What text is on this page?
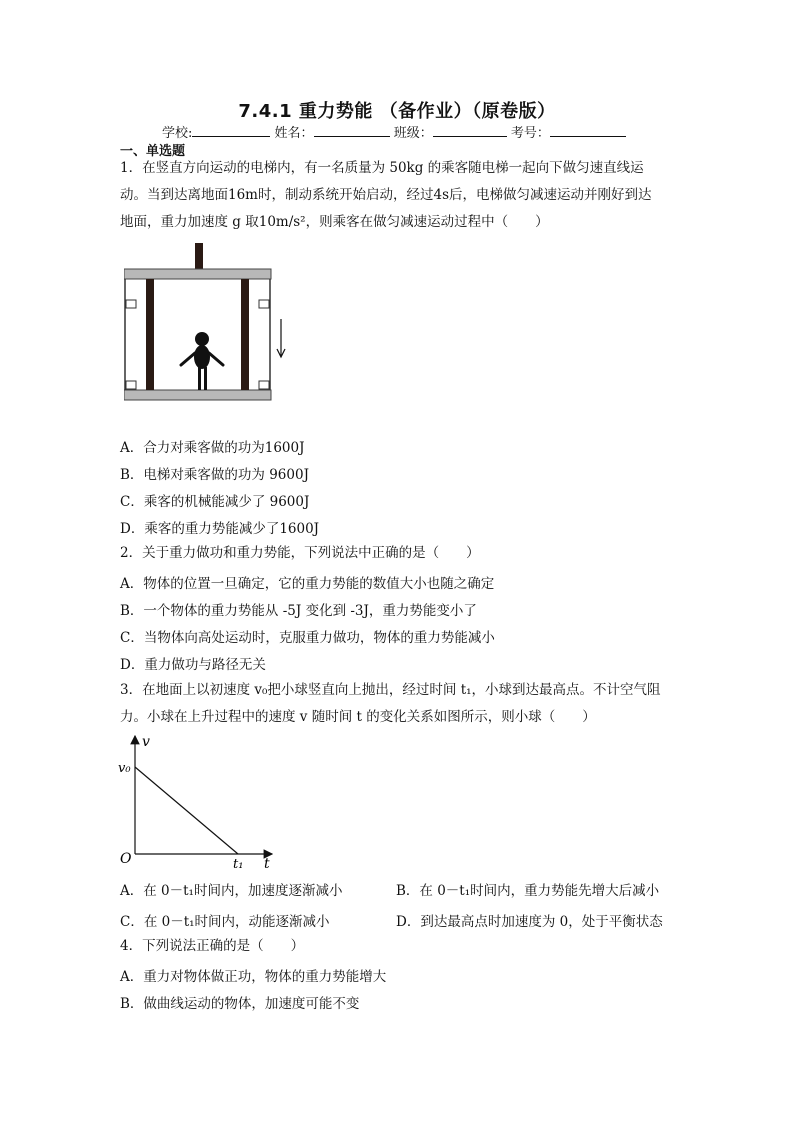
7.4.1 重力势能 （备作业）（原卷版）
学校:	姓名：	班级：	考号：
一、单选题
1．在竖直方向运动的电梯内，有一名质量为 50kg 的乘客随电梯一起向下做匀速直线运
动。当到达离地面16m时，制动系统开始启动，经过4s后，电梯做匀减速运动并刚好到达
地面，重力加速度 g 取10m/s²，则乘客在做匀减速运动过程中（　　）
A．合力对乘客做的功为1600J
B．电梯对乘客做的功为 9600J
C．乘客的机械能减少了 9600J
D．乘客的重力势能减少了1600J
2．关于重力做功和重力势能，下列说法中正确的是（　　）
A．物体的位置一旦确定，它的重力势能的数值大小也随之确定
B．一个物体的重力势能从 -5J 变化到 -3J，重力势能变小了
C．当物体向高处运动时，克服重力做功，物体的重力势能减小
D．重力做功与路径无关
3．在地面上以初速度 v₀把小球竖直向上抛出，经过时间 t₁，小球到达最高点。不计空气阻
力。小球在上升过程中的速度 v 随时间 t 的变化关系如图所示，则小球（　　）
v
t
O
v₀
t₁
A．在 0－t₁时间内，加速度逐渐减小	B．在 0－t₁时间内，重力势能先增大后减小
C．在 0－t₁时间内，动能逐渐减小	D．到达最高点时加速度为 0，处于平衡状态
4．下列说法正确的是（　　）
A．重力对物体做正功，物体的重力势能增大
B．做曲线运动的物体，加速度可能不变
